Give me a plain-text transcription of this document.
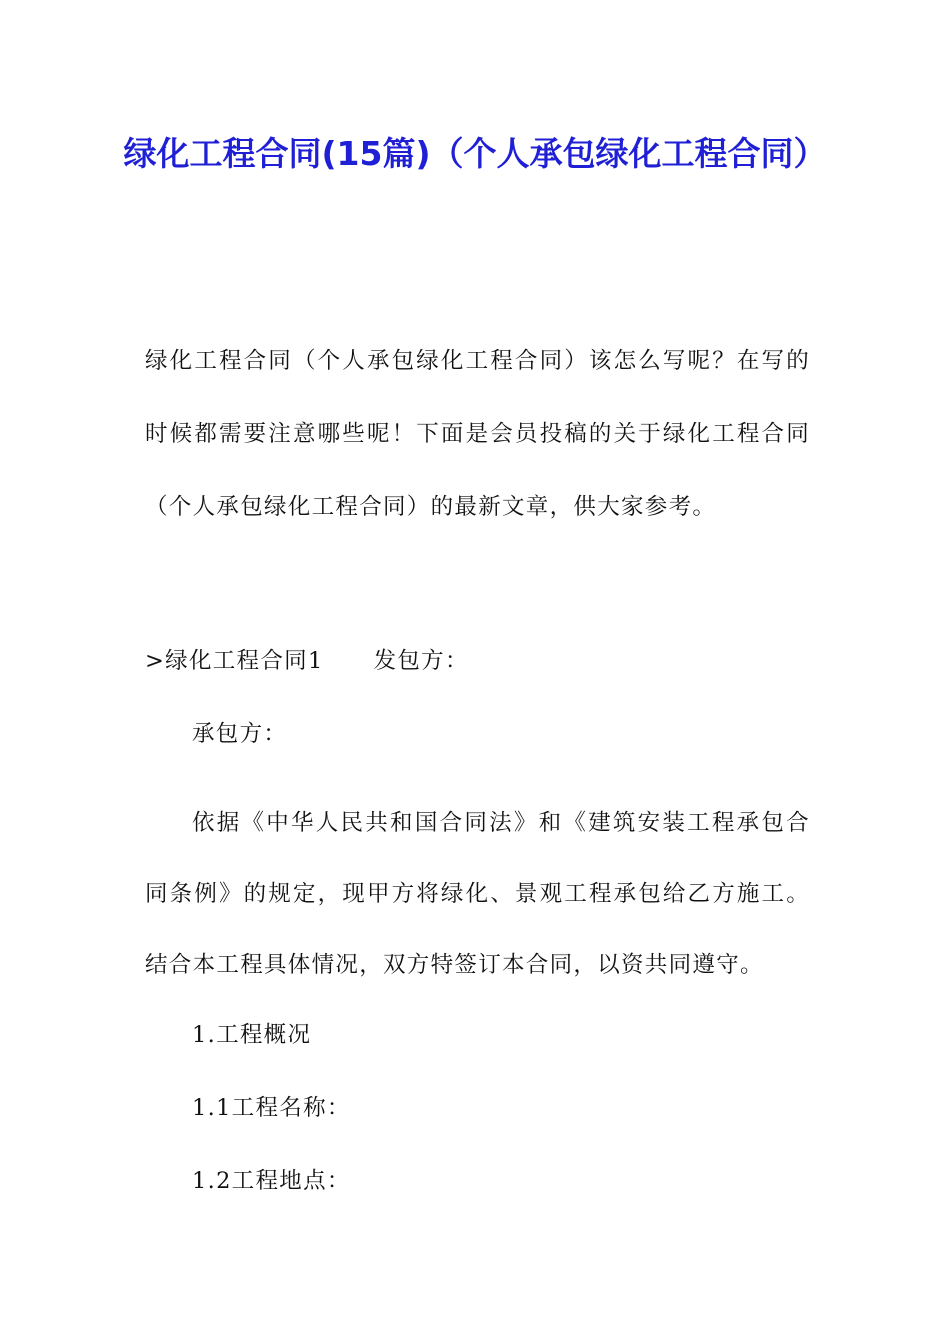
绿化工程合同(15篇)（个人承包绿化工程合同）

绿化工程合同（个人承包绿化工程合同）该怎么写呢？在写的时候都需要注意哪些呢！下面是会员投稿的关于绿化工程合同（个人承包绿化工程合同）的最新文章，供大家参考。

>绿化工程合同1 发包方：

承包方：

依据《中华人民共和国合同法》和《建筑安装工程承包合同条例》的规定，现甲方将绿化、景观工程承包给乙方施工。结合本工程具体情况，双方特签订本合同，以资共同遵守。

1.工程概况

1.1工程名称：

1.2工程地点：
